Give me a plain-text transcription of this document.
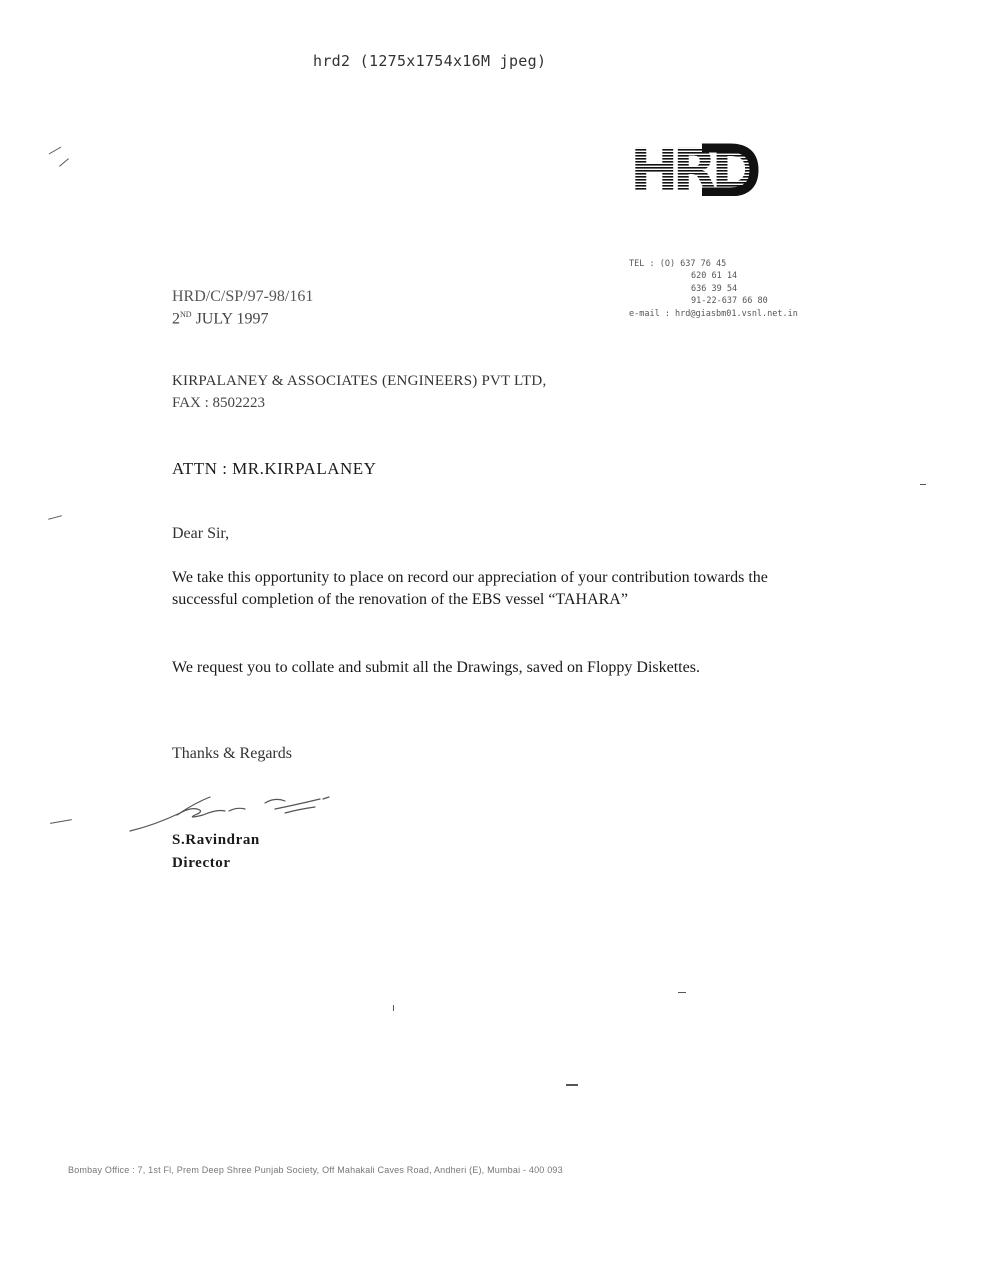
hrd2 (1275x1754x16M jpeg)
HRD
TEL : (O) 637 76 45
620 61 14
636 39 54
91-22-637 66 80
e-mail : hrd@giasbm01.vsnl.net.in
HRD/C/SP/97-98/161
2ND JULY 1997
KIRPALANEY & ASSOCIATES (ENGINEERS) PVT LTD,
FAX : 8502223
ATTN : MR.KIRPALANEY
Dear Sir,
We take this opportunity to place on record our appreciation of your contribution towards the successful completion of the renovation of the EBS vessel “TAHARA”
We request you to collate and submit all the Drawings, saved on Floppy Diskettes.
Thanks & Regards
S.Ravindran
Director
Bombay Office : 7, 1st Fl, Prem Deep Shree Punjab Society, Off Mahakali Caves Road, Andheri (E), Mumbai - 400 093
